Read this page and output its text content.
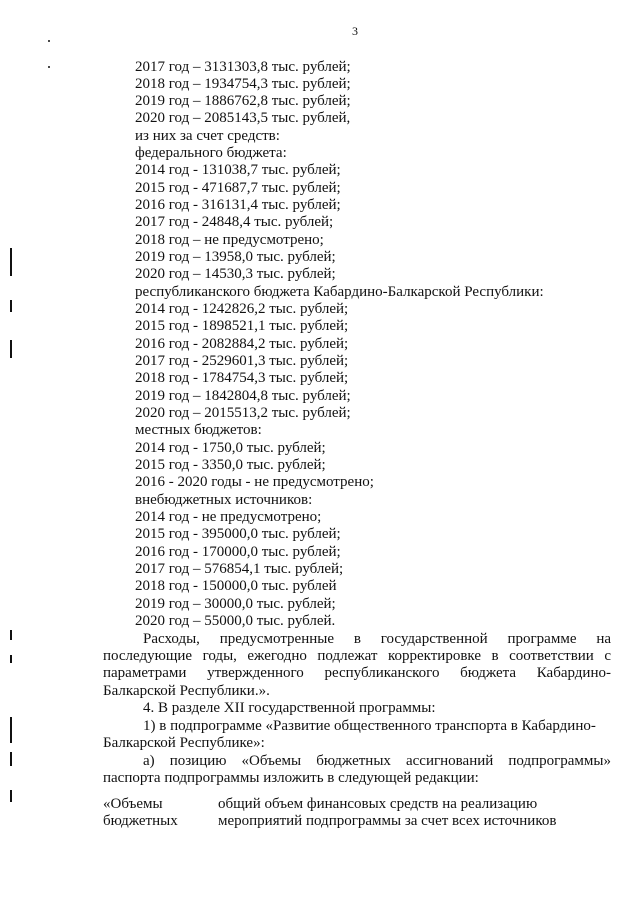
3
2017 год – 3131303,8 тыс. рублей;
2018 год – 1934754,3 тыс. рублей;
2019 год – 1886762,8 тыс. рублей;
2020 год – 2085143,5 тыс. рублей,
из них за счет средств:
федерального бюджета:
2014 год - 131038,7 тыс. рублей;
2015 год - 471687,7 тыс. рублей;
2016 год - 316131,4 тыс. рублей;
2017 год - 24848,4 тыс. рублей;
2018 год – не предусмотрено;
2019 год – 13958,0 тыс. рублей;
2020 год – 14530,3 тыс. рублей;
республиканского бюджета Кабардино-Балкарской Республики:
2014 год - 1242826,2 тыс. рублей;
2015 год - 1898521,1 тыс. рублей;
2016 год - 2082884,2 тыс. рублей;
2017 год - 2529601,3 тыс. рублей;
2018 год - 1784754,3 тыс. рублей;
2019 год – 1842804,8 тыс. рублей;
2020 год – 2015513,2 тыс. рублей;
местных бюджетов:
2014 год - 1750,0 тыс. рублей;
2015 год - 3350,0 тыс. рублей;
2016 - 2020 годы - не предусмотрено;
внебюджетных источников:
2014 год - не предусмотрено;
2015 год - 395000,0 тыс. рублей;
2016 год - 170000,0 тыс. рублей;
2017 год – 576854,1 тыс. рублей;
2018 год - 150000,0 тыс. рублей
2019 год – 30000,0 тыс. рублей;
2020 год – 55000,0 тыс. рублей.
Расходы, предусмотренные в государственной программе на
последующие годы, ежегодно подлежат корректировке в соответствии с
параметрами утвержденного республиканского бюджета Кабардино-
Балкарской Республики.».
4. В разделе XII государственной программы:
1) в подпрограмме «Развитие общественного транспорта в Кабардино-
Балкарской Республике»:
а) позицию «Объемы бюджетных ассигнований подпрограммы»
паспорта подпрограммы изложить в следующей редакции:
«Объемы	общий объем финансовых средств на реализацию
бюджетных	мероприятий подпрограммы за счет всех источников
